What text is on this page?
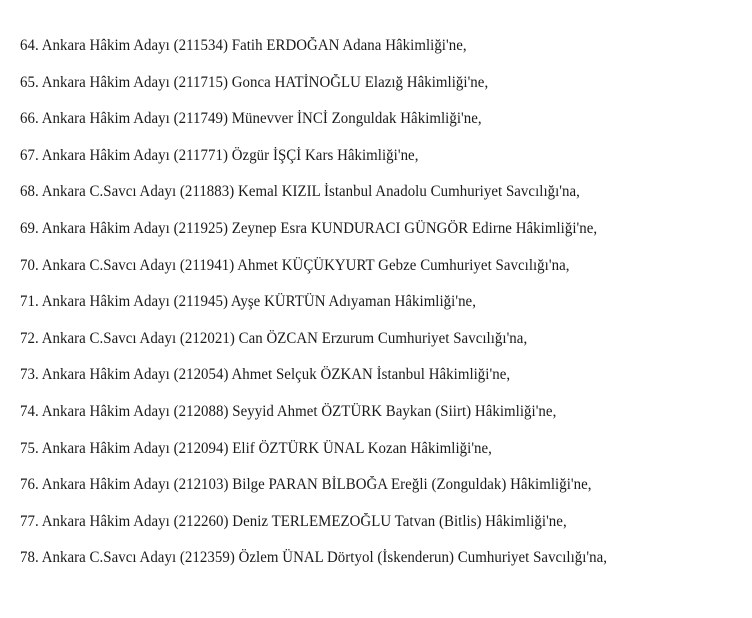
64. Ankara Hâkim Adayı (211534) Fatih ERDOĞAN Adana Hâkimliği'ne,
65. Ankara Hâkim Adayı (211715) Gonca HATİNOĞLU Elazığ Hâkimliği'ne,
66. Ankara Hâkim Adayı (211749) Münevver İNCİ Zonguldak Hâkimliği'ne,
67. Ankara Hâkim Adayı (211771) Özgür İŞÇİ Kars Hâkimliği'ne,
68. Ankara C.Savcı Adayı (211883) Kemal KIZIL İstanbul Anadolu Cumhuriyet Savcılığı'na,
69. Ankara Hâkim Adayı (211925) Zeynep Esra KUNDURACI GÜNGÖR Edirne Hâkimliği'ne,
70. Ankara C.Savcı Adayı (211941) Ahmet KÜÇÜKYURT Gebze Cumhuriyet Savcılığı'na,
71. Ankara Hâkim Adayı (211945) Ayşe KÜRTÜN Adıyaman Hâkimliği'ne,
72. Ankara C.Savcı Adayı (212021) Can ÖZCAN Erzurum Cumhuriyet Savcılığı'na,
73. Ankara Hâkim Adayı (212054) Ahmet Selçuk ÖZKAN İstanbul Hâkimliği'ne,
74. Ankara Hâkim Adayı (212088) Seyyid Ahmet ÖZTÜRK Baykan (Siirt) Hâkimliği'ne,
75. Ankara Hâkim Adayı (212094) Elif ÖZTÜRK ÜNAL Kozan Hâkimliği'ne,
76. Ankara Hâkim Adayı (212103) Bilge PARAN BİLBOĞA Ereğli (Zonguldak) Hâkimliği'ne,
77. Ankara Hâkim Adayı (212260) Deniz TERLEMEZOĞLU Tatvan (Bitlis) Hâkimliği'ne,
78. Ankara C.Savcı Adayı (212359) Özlem ÜNAL Dörtyol (İskenderun) Cumhuriyet Savcılığı'na,
